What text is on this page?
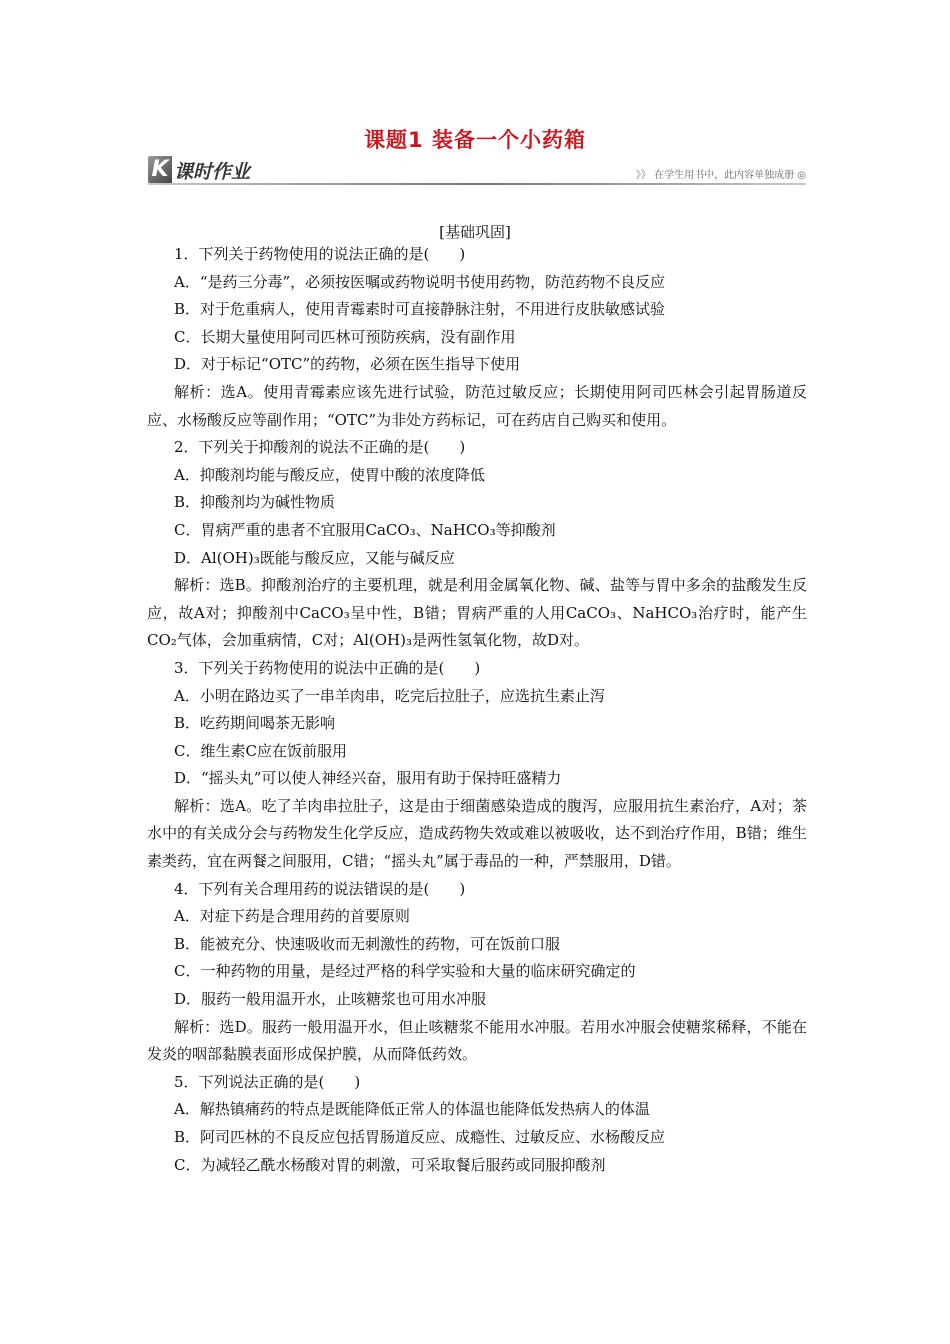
课题1 装备一个小药箱
K 课时作业	》》 在学生用书中，此内容单独成册 ◎
[基础巩固]

1．下列关于药物使用的说法正确的是(　　)

A．“是药三分毒”，必须按医嘱或药物说明书使用药物，防范药物不良反应

B．对于危重病人，使用青霉素时可直接静脉注射，不用进行皮肤敏感试验

C．长期大量使用阿司匹林可预防疾病，没有副作用

D．对于标记“OTC”的药物，必须在医生指导下使用

解析：选A。使用青霉素应该先进行试验，防范过敏反应；长期使用阿司匹林会引起胃肠道反应、水杨酸反应等副作用；“OTC”为非处方药标记，可在药店自己购买和使用。

2．下列关于抑酸剂的说法不正确的是(　　)

A．抑酸剂均能与酸反应，使胃中酸的浓度降低

B．抑酸剂均为碱性物质

C．胃病严重的患者不宜服用CaCO₃、NaHCO₃等抑酸剂

D．Al(OH)₃既能与酸反应，又能与碱反应

解析：选B。抑酸剂治疗的主要机理，就是利用金属氧化物、碱、盐等与胃中多余的盐酸发生反应，故A对；抑酸剂中CaCO₃呈中性，B错；胃病严重的人用CaCO₃、NaHCO₃治疗时，能产生CO₂气体，会加重病情，C对；Al(OH)₃是两性氢氧化物，故D对。

3．下列关于药物使用的说法中正确的是(　　)

A．小明在路边买了一串羊肉串，吃完后拉肚子，应选抗生素止泻

B．吃药期间喝茶无影响

C．维生素C应在饭前服用

D．“摇头丸”可以使人神经兴奋，服用有助于保持旺盛精力

解析：选A。吃了羊肉串拉肚子，这是由于细菌感染造成的腹泻，应服用抗生素治疗，A对；茶水中的有关成分会与药物发生化学反应，造成药物失效或难以被吸收，达不到治疗作用，B错；维生素类药，宜在两餐之间服用，C错；“摇头丸”属于毒品的一种，严禁服用，D错。

4．下列有关合理用药的说法错误的是(　　)

A．对症下药是合理用药的首要原则

B．能被充分、快速吸收而无刺激性的药物，可在饭前口服

C．一种药物的用量，是经过严格的科学实验和大量的临床研究确定的

D．服药一般用温开水，止咳糖浆也可用水冲服

解析：选D。服药一般用温开水，但止咳糖浆不能用水冲服。若用水冲服会使糖浆稀释，不能在发炎的咽部黏膜表面形成保护膜，从而降低药效。

5．下列说法正确的是(　　)

A．解热镇痛药的特点是既能降低正常人的体温也能降低发热病人的体温

B．阿司匹林的不良反应包括胃肠道反应、成瘾性、过敏反应、水杨酸反应

C．为减轻乙酰水杨酸对胃的刺激，可采取餐后服药或同服抑酸剂
